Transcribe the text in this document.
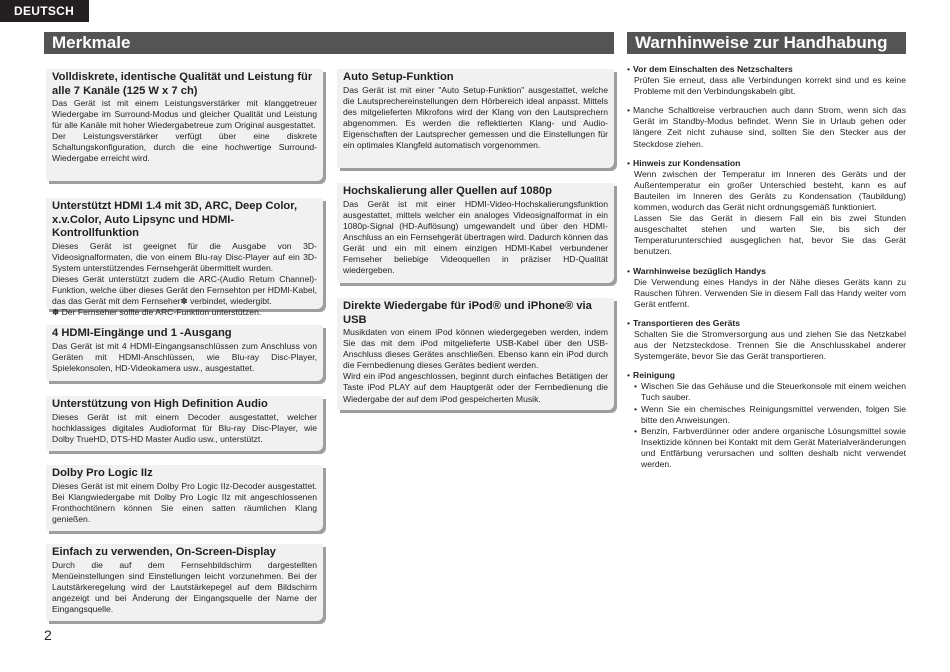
DEUTSCH
Merkmale	Warnhinweise zur Handhabung
Volldiskrete, identische Qualität und Leistung für alle 7 Kanäle (125 W x 7 ch)

Das Gerät ist mit einem Leistungsverstärker mit klanggetreuer Wiedergabe im Surround-Modus und gleicher Qualität und Leistung für alle Kanäle mit hoher Wiedergabetreue zum Original ausgestattet.
Der Leistungsverstärker verfügt über eine diskrete Schaltungskonfiguration, durch die eine hochwertige Surround-Wiedergabe erreicht wird.

Unterstützt HDMI 1.4 mit 3D, ARC, Deep Color, x.v.Color, Auto Lipsync und HDMI-Kontrollfunktion

Dieses Gerät ist geeignet für die Ausgabe von 3D-Videosignalformaten, die von einem Blu-ray Disc-Player auf ein 3D-System unterstützendes Fernsehgerät übermittelt wurden.
Dieses Gerät unterstützt zudem die ARC-(Audio Return Channel)-Funktion, welche über dieses Gerät den Fernsehton per HDMI-Kabel, das das Gerät mit dem Fernseher✽ verbindet, wiedergibt.
✽ Der Fernseher sollte die ARC-Funktion unterstützen.

4 HDMI-Eingänge und 1 -Ausgang

Das Gerät ist mit 4 HDMI-Eingangsanschlüssen zum Anschluss von Geräten mit HDMI-Anschlüssen, wie Blu-ray Disc-Player, Spielekonsolen, HD-Videokamera usw., ausgestattet.

Unterstützung von High Definition Audio

Dieses Gerät ist mit einem Decoder ausgestattet, welcher hochklassiges digitales Audioformat für Blu-ray Disc-Player, wie Dolby TrueHD, DTS-HD Master Audio usw., unterstützt.

Dolby Pro Logic IIz

Dieses Gerät ist mit einem Dolby Pro Logic IIz-Decoder ausgestattet. Bei Klangwiedergabe mit Dolby Pro Logic IIz mit angeschlossenen Fronthochtönern können Sie einen satten räumlichen Klang genießen.

Einfach zu verwenden, On-Screen-Display

Durch die auf dem Fernsehbildschirm dargestellten Menüeinstellungen sind Einstellungen leicht vorzunehmen. Bei der Lautstärkeregelung wird der Lautstärkepegel auf dem Bildschirm angezeigt und bei Änderung der Eingangsquelle der Name der Eingangsquelle.

Auto Setup-Funktion

Das Gerät ist mit einer "Auto Setup-Funktion" ausgestattet, welche die Lautsprechereinstellungen dem Hörbereich ideal anpasst. Mittels des mitgelieferten Mikrofons wird der Klang von den Lautsprechern abgenommen. Es werden die reflektierten Klang- und Audio-Eigenschaften der Lautsprecher gemessen und die Einstellungen für ein optimales Klangfeld automatisch vorgenommen.

Hochskalierung aller Quellen auf 1080p

Das Gerät ist mit einer HDMI-Video-Hochskalierungsfunktion ausgestattet, mittels welcher ein analoges Videosignalformat in ein 1080p-Signal (HD-Auflösung) umgewandelt und über den HDMI-Anschluss an ein Fernsehgerät übertragen wird. Dadurch können das Gerät und ein mit einem einzigen HDMI-Kabel verbundener Fernseher beliebige Videoquellen in präziser HD-Qualität wiedergeben.

Direkte Wiedergabe für iPod® und iPhone® via USB

Musikdaten von einem iPod können wiedergegeben werden, indem Sie das mit dem iPod mitgelieferte USB-Kabel über den USB-Anschluss dieses Gerätes anschließen. Ebenso kann ein iPod durch die Fernbedienung dieses Gerätes bedient werden.
Wird ein iPod angeschlossen, beginnt durch einfaches Betätigen der Taste iPod PLAY auf dem Hauptgerät oder der Fernbedienung die Wiedergabe der auf dem iPod gespeicherten Musik.

• Vor dem Einschalten des Netzschalters
Prüfen Sie erneut, dass alle Verbindungen korrekt sind und es keine Probleme mit den Verbindungskabeln gibt.
• Manche Schaltkreise verbrauchen auch dann Strom, wenn sich das Gerät im Standby-Modus befindet. Wenn Sie in Urlaub gehen oder längere Zeit nicht zuhause sind, sollten Sie den Stecker aus der Steckdose ziehen.
• Hinweis zur Kondensation
Wenn zwischen der Temperatur im Inneren des Geräts und der Außentemperatur ein großer Unterschied besteht, kann es auf Bauteilen im Inneren des Geräts zu Kondensation (Taubildung) kommen, wodurch das Gerät nicht ordnungsgemäß funktioniert.
Lassen Sie das Gerät in diesem Fall ein bis zwei Stunden ausgeschaltet stehen und warten Sie, bis sich der Temperaturunterschied ausgeglichen hat, bevor Sie das Gerät benutzen.
• Warnhinweise bezüglich Handys
Die Verwendung eines Handys in der Nähe dieses Geräts kann zu Rauschen führen. Verwenden Sie in diesem Fall das Handy weiter vom Gerät entfernt.
• Transportieren des Geräts
Schalten Sie die Stromversorgung aus und ziehen Sie das Netzkabel aus der Netzsteckdose. Trennen Sie die Anschlusskabel anderer Systemgeräte, bevor Sie das Gerät transportieren.
• Reinigung
• Wischen Sie das Gehäuse und die Steuerkonsole mit einem weichen Tuch sauber.
• Wenn Sie ein chemisches Reinigungsmittel verwenden, folgen Sie bitte den Anweisungen.
• Benzin, Farbverdünner oder andere organische Lösungsmittel sowie Insektizide können bei Kontakt mit dem Gerät Materialveränderungen und Entfärbung verursachen und sollten deshalb nicht verwendet werden.
2
